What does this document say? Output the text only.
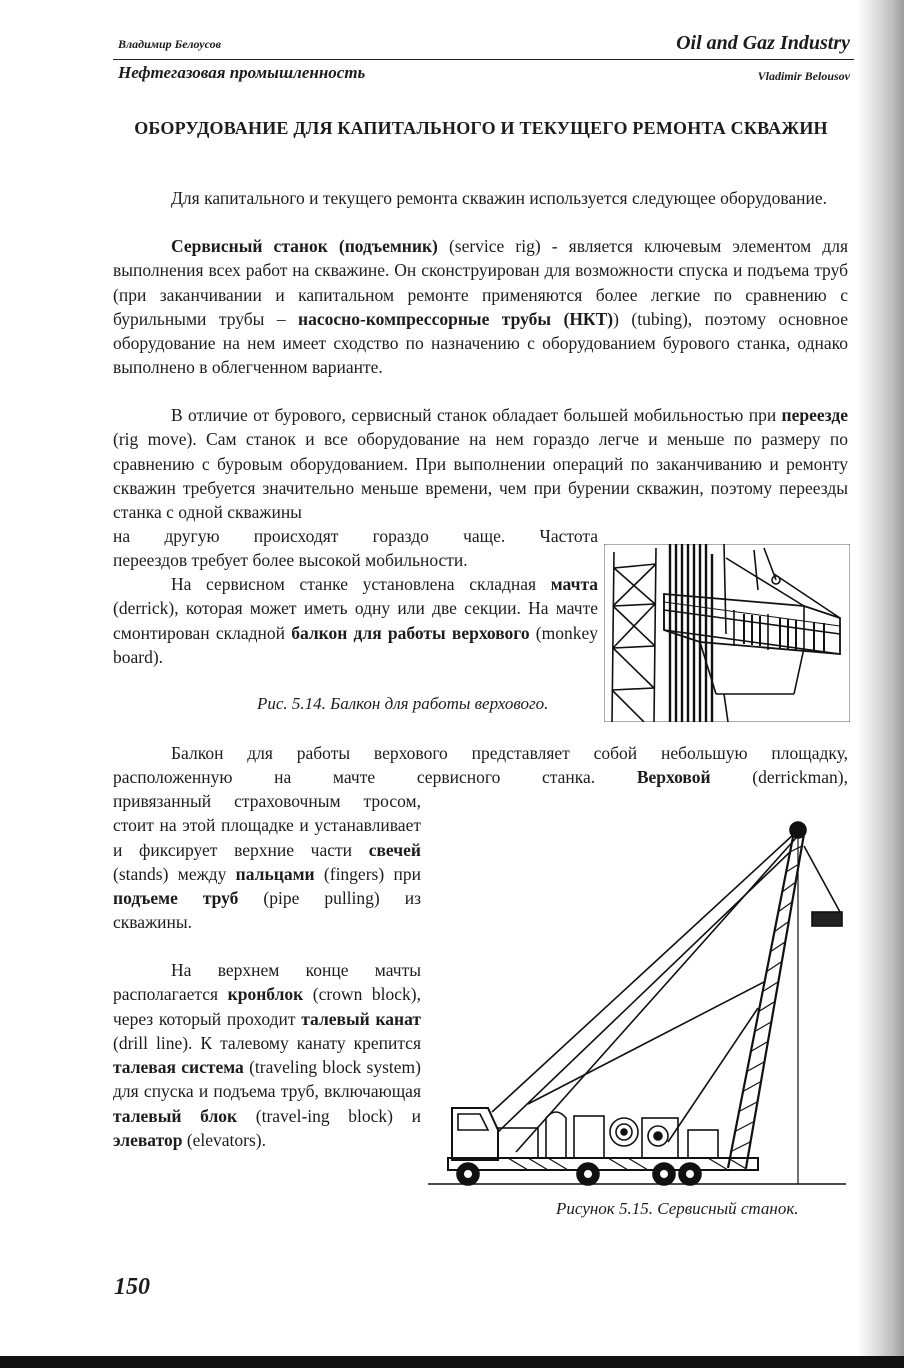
Владимир Белоусов	Oil and Gaz Industry
Нефтегазовая промышленность	Vladimir Belousov
ОБОРУДОВАНИЕ ДЛЯ КАПИТАЛЬНОГО И ТЕКУЩЕГО РЕМОНТА СКВАЖИН

Для капитального и текущего ремонта скважин используется следующее оборудование.

Сервисный станок (подъемник) (service rig) - является ключевым элементом для выполнения всех работ на скважине. Он сконструирован для возможности спуска и подъема труб (при заканчивании и капитальном ремонте применяются более легкие по сравнению с бурильными трубы – насосно-компрессорные трубы (НКТ)) (tubing), поэтому основное оборудование на нем имеет сходство по назначению с оборудованием бурового станка, однако выполнено в облегченном варианте.

В отличие от бурового, сервисный станок обладает большей мобильностью при переезде (rig move). Сам станок и все оборудование на нем гораздо легче и меньше по размеру по сравнению с буровым оборудованием. При выполнении операций по заканчиванию и ремонту скважин требуется значительно меньше времени, чем при бурении скважин, поэтому переезды станка с одной скважины

на другую происходят гораздо чаще. Частота

переездов требует более высокой мобильности.

На сервисном станке установлена складная мачта (derrick), которая может иметь одну или две секции. На мачте смонтирован складной балкон для работы верхового (monkey board).

Рис. 5.14. Балкон для работы верхового.

Балкон для работы верхового представляет собой небольшую площадку,

расположенную на мачте сервисного станка. Верховой (derrickman),

привязанный страховочным тросом, стоит на этой площадке и устанавливает и фиксирует верхние части свечей (stands) между пальцами (fingers) при подъеме труб (pipe pulling) из скважины.

На верхнем конце мачты располагается кронблок (crown block), через который проходит талевый канат (drill line). К талевому канату крепится талевая система (traveling block system) для спуска и подъема труб, включающая талевый блок (travel-ing block) и элеватор (elevators).

Рисунок 5.15. Сервисный станок.
150
